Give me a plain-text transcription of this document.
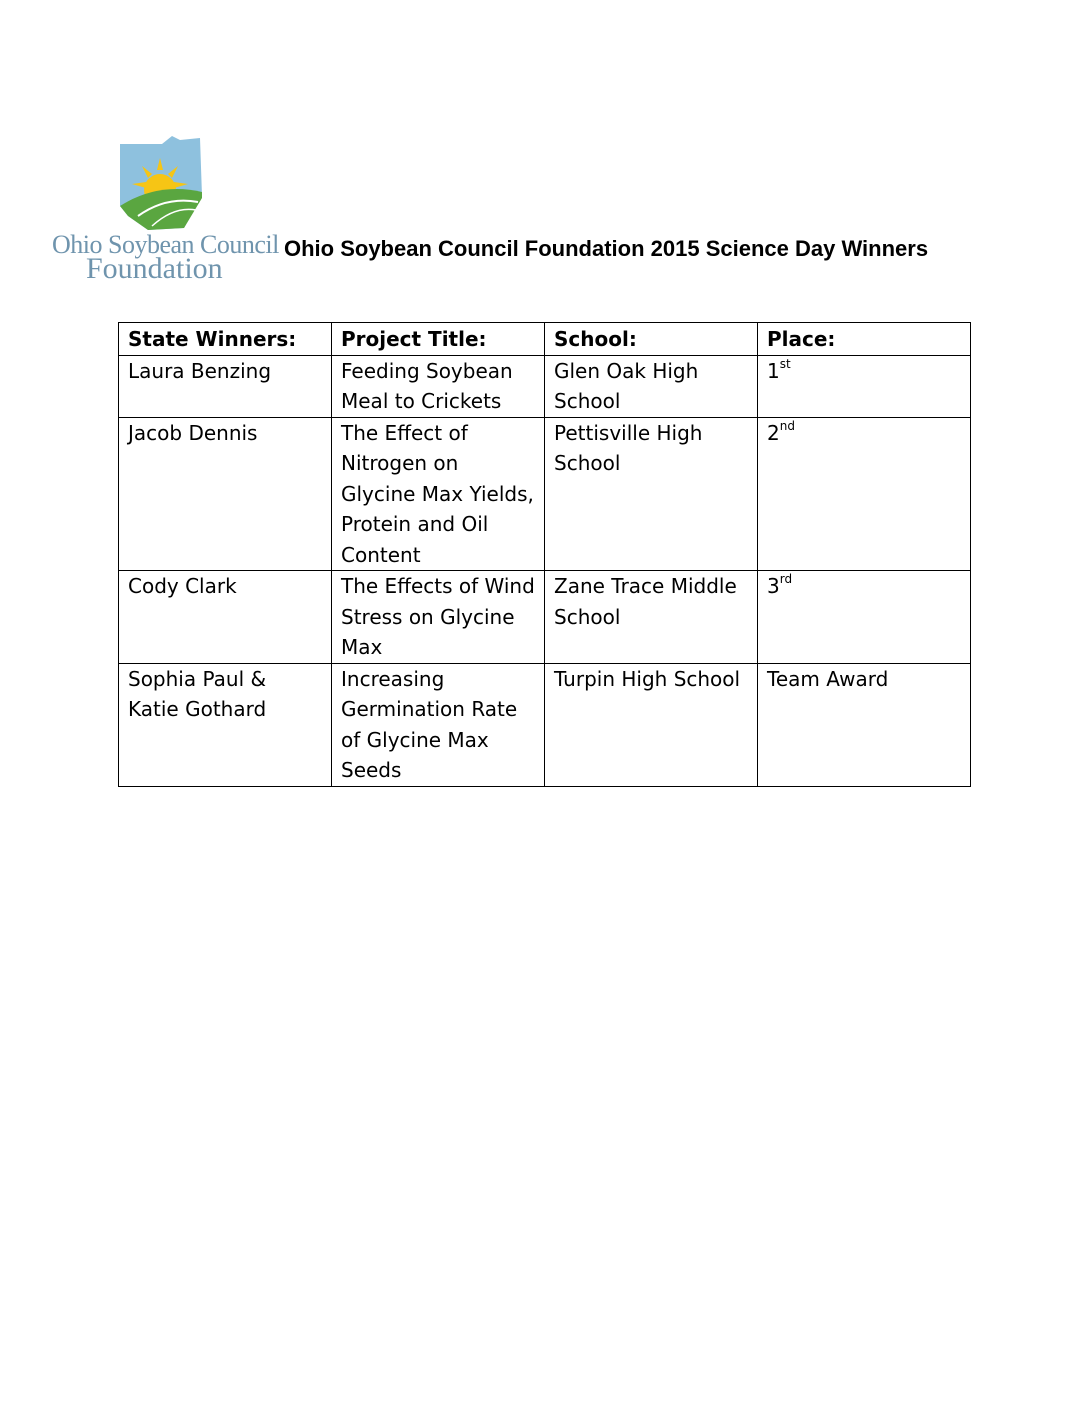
Ohio Soybean Council
Foundation
Ohio Soybean Council Foundation 2015 Science Day Winners
State Winners:	Project Title:	School:	Place:
Laura Benzing	Feeding Soybean Meal to Crickets	Glen Oak High School	1st
Jacob Dennis	The Effect of Nitrogen on Glycine Max Yields, Protein and Oil Content	Pettisville High School	2nd
Cody Clark	The Effects of Wind Stress on Glycine Max	Zane Trace Middle School	3rd
Sophia Paul & Katie Gothard	Increasing Germination Rate of Glycine Max Seeds	Turpin High School	Team Award
